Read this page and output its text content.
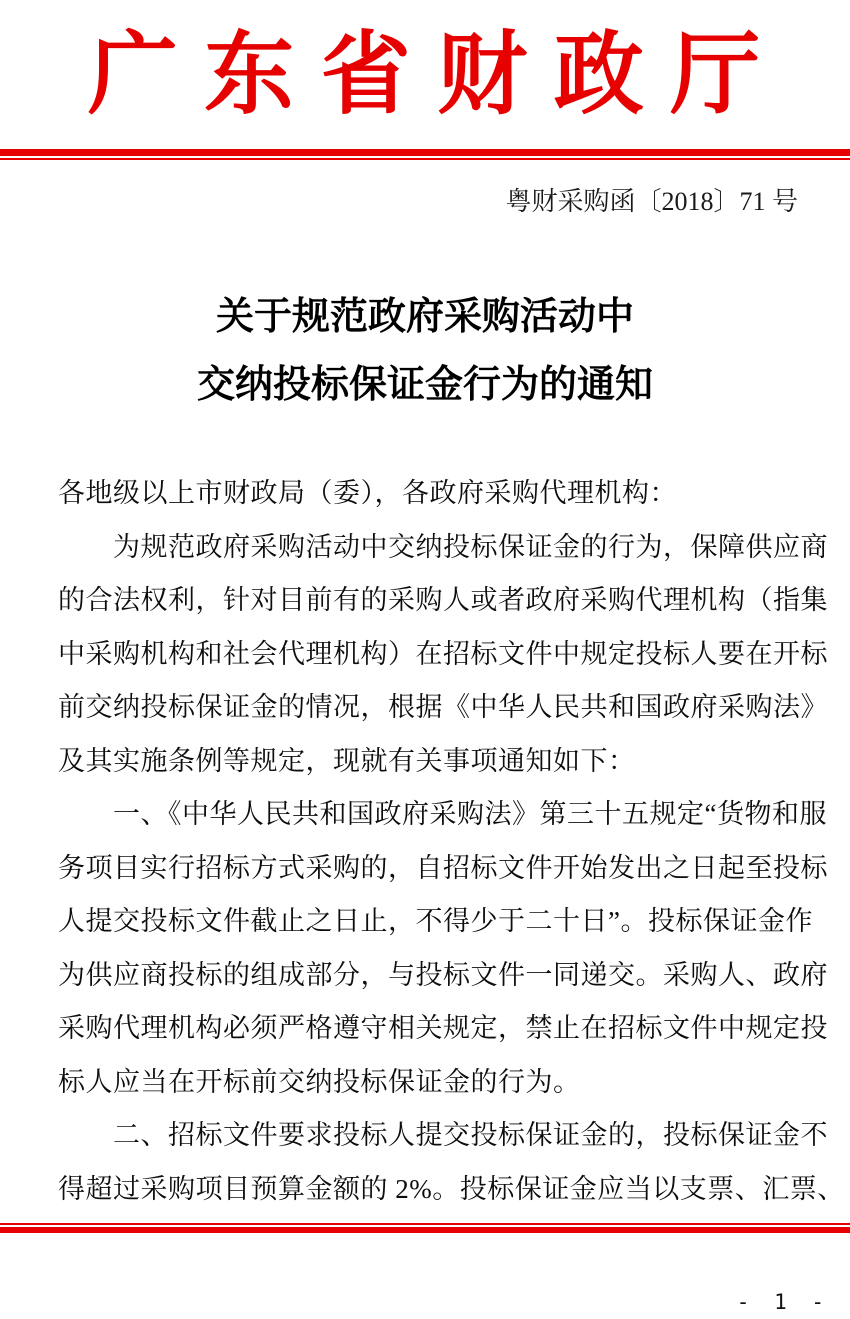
广 东 省 财 政 厅
粤财采购函〔2018〕71 号
关于规范政府采购活动中
交纳投标保证金行为的通知
各地级以上市财政局（委），各政府采购代理机构：
　　为规范政府采购活动中交纳投标保证金的行为，保障供应商
的合法权利，针对目前有的采购人或者政府采购代理机构（指集
中采购机构和社会代理机构）在招标文件中规定投标人要在开标
前交纳投标保证金的情况，根据《中华人民共和国政府采购法》
及其实施条例等规定，现就有关事项通知如下：
　　一、《中华人民共和国政府采购法》第三十五规定“货物和服
务项目实行招标方式采购的，自招标文件开始发出之日起至投标
人提交投标文件截止之日止，不得少于二十日”。投标保证金作
为供应商投标的组成部分，与投标文件一同递交。采购人、政府
采购代理机构必须严格遵守相关规定，禁止在招标文件中规定投
标人应当在开标前交纳投标保证金的行为。
　　二、招标文件要求投标人提交投标保证金的，投标保证金不
得超过采购项目预算金额的 2%。投标保证金应当以支票、汇票、
- 1 -
